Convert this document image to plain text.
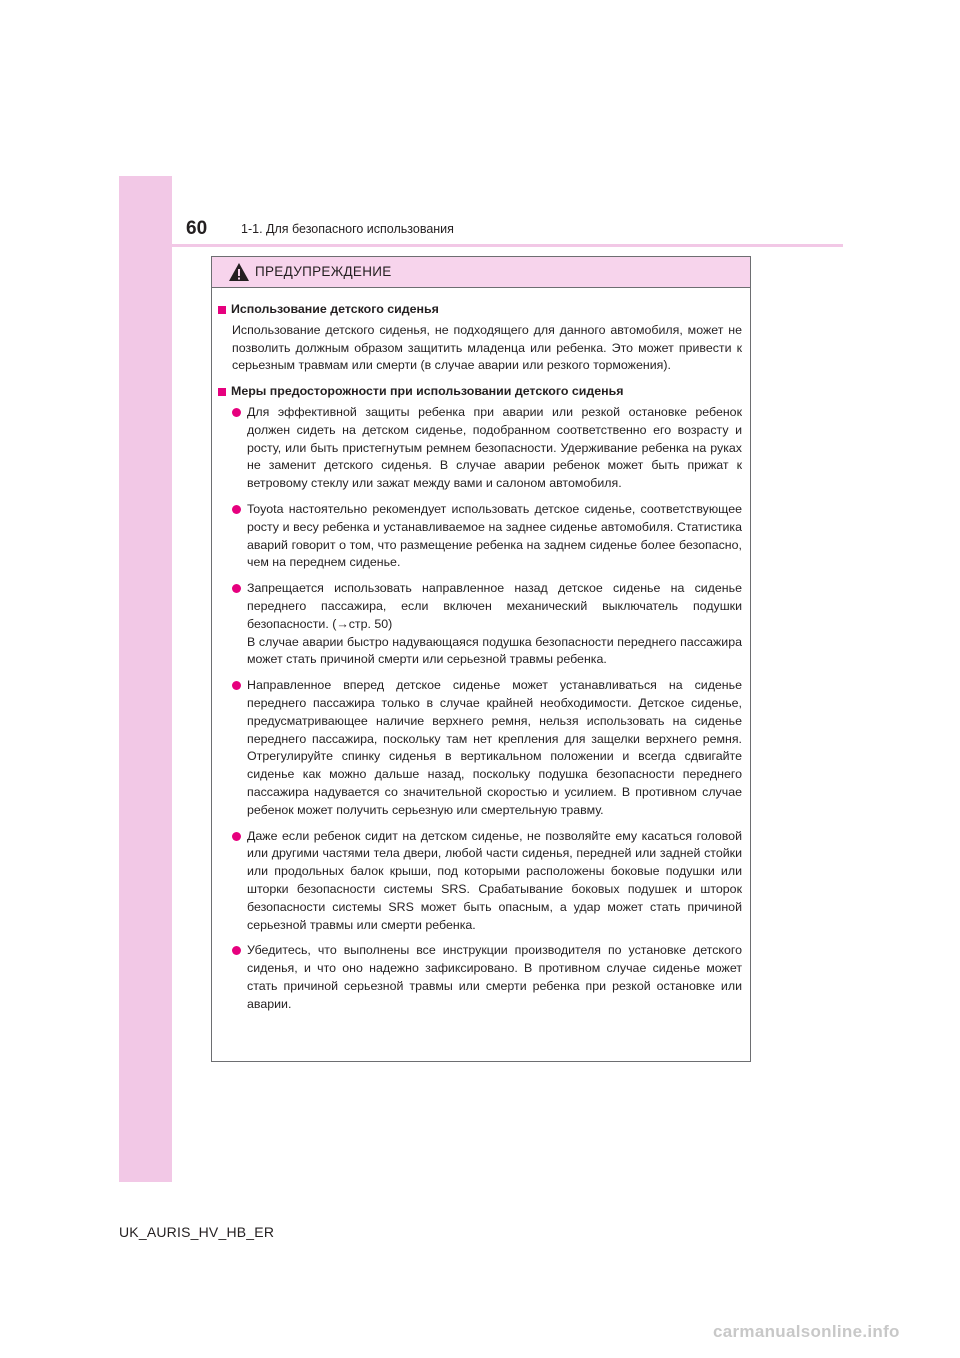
60	1-1. Для безопасного использования
ПРЕДУПРЕЖДЕНИЕ
Использование детского сиденья
Использование детского сиденья, не подходящего для данного автомобиля, может не позволить должным образом защитить младенца или ребенка. Это может привести к серьезным травмам или смерти (в случае аварии или резкого торможения).
Меры предосторожности при использовании детского сиденья
Для эффективной защиты ребенка при аварии или резкой остановке ребенок должен сидеть на детском сиденье, подобранном соответственно его возрасту и росту, или быть пристегнутым ремнем безопасности. Удерживание ребенка на руках не заменит детского сиденья. В случае аварии ребенок может быть прижат к ветровому стеклу или зажат между вами и салоном автомобиля.
Toyota настоятельно рекомендует использовать детское сиденье, соответствующее росту и весу ребенка и устанавливаемое на заднее сиденье автомобиля. Статистика аварий говорит о том, что размещение ребенка на заднем сиденье более безопасно, чем на переднем сиденье.
Запрещается использовать направленное назад детское сиденье на сиденье переднего пассажира, если включен механический выключатель подушки безопасности. (→стр. 50)
В случае аварии быстро надувающаяся подушка безопасности переднего пассажира может стать причиной смерти или серьезной травмы ребенка.
Направленное вперед детское сиденье может устанавливаться на сиденье переднего пассажира только в случае крайней необходимости. Детское сиденье, предусматривающее наличие верхнего ремня, нельзя использовать на сиденье переднего пассажира, поскольку там нет крепления для защелки верхнего ремня. Отрегулируйте спинку сиденья в вертикальном положении и всегда сдвигайте сиденье как можно дальше назад, поскольку подушка безопасности переднего пассажира надувается со значительной скоростью и усилием. В противном случае ребенок может получить серьезную или смертельную травму.
Даже если ребенок сидит на детском сиденье, не позволяйте ему касаться головой или другими частями тела двери, любой части сиденья, передней или задней стойки или продольных балок крыши, под которыми расположены боковые подушки или шторки безопасности системы SRS. Срабатывание боковых подушек и шторок безопасности системы SRS может быть опасным, а удар может стать причиной серьезной травмы или смерти ребенка.
Убедитесь, что выполнены все инструкции производителя по установке детского сиденья, и что оно надежно зафиксировано. В противном случае сиденье может стать причиной серьезной травмы или смерти ребенка при резкой остановке или аварии.
UK_AURIS_HV_HB_ER
carmanualsonline.info
